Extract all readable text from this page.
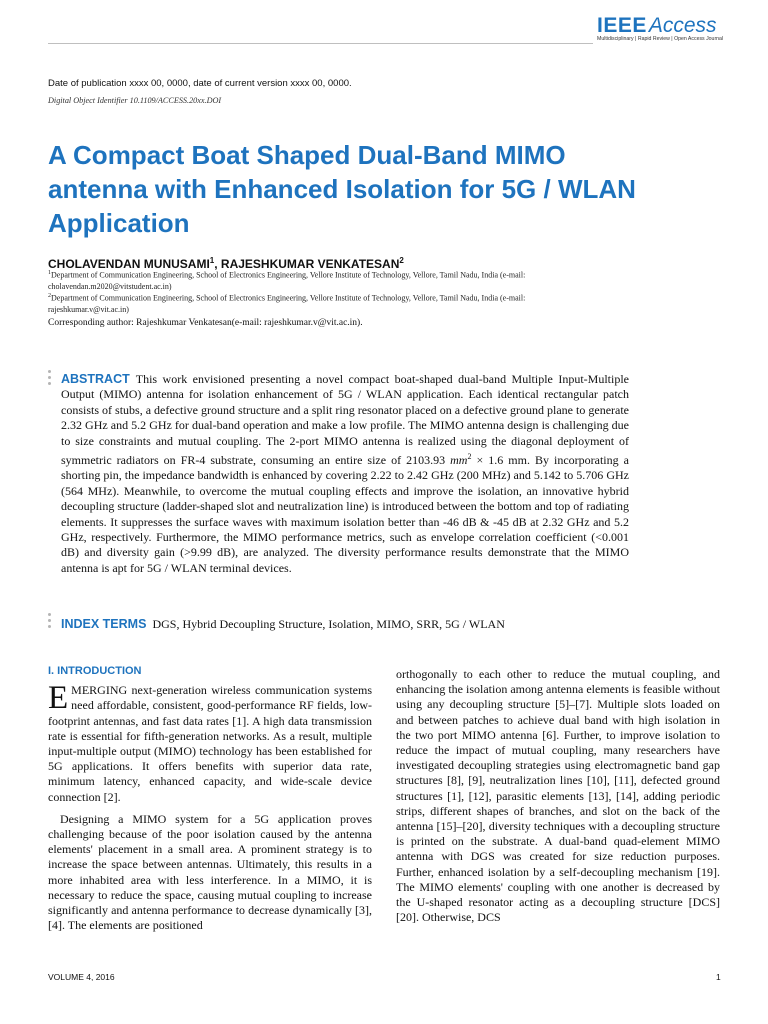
IEEEAccess
Multidisciplinary | Rapid Review | Open Access Journal
Date of publication xxxx 00, 0000, date of current version xxxx 00, 0000.
Digital Object Identifier 10.1109/ACCESS.20xx.DOI
A Compact Boat Shaped Dual-Band MIMO antenna with Enhanced Isolation for 5G / WLAN Application
CHOLAVENDAN MUNUSAMI$^1$, RAJESHKUMAR VENKATESAN$^2$
$^1$Department of Communication Engineering, School of Electronics Engineering, Vellore Institute of Technology, Vellore, Tamil Nadu, India (e-mail: cholavendan.m2020@vitstudent.ac.in)
$^2$Department of Communication Engineering, School of Electronics Engineering, Vellore Institute of Technology, Vellore, Tamil Nadu, India (e-mail: rajeshkumar.v@vit.ac.in)
Corresponding author: Rajeshkumar Venkatesan(e-mail: rajeshkumar.v@vit.ac.in).
ABSTRACT This work envisioned presenting a novel compact boat-shaped dual-band Multiple Input-Multiple Output (MIMO) antenna for isolation enhancement of 5G / WLAN application. Each identical rectangular patch consists of stubs, a defective ground structure and a split ring resonator placed on a defective ground plane to generate 2.32 GHz and 5.2 GHz for dual-band operation and make a low profile. The MIMO antenna design is challenging due to size constraints and mutual coupling. The 2-port MIMO antenna is realized using the diagonal deployment of symmetric radiators on FR-4 substrate, consuming an entire size of 2103.93 $mm^2 \times 1.6$ mm. By incorporating a shorting pin, the impedance bandwidth is enhanced by covering 2.22 to 2.42 GHz (200 MHz) and 5.142 to 5.706 GHz (564 MHz). Meanwhile, to overcome the mutual coupling effects and improve the isolation, an innovative hybrid decoupling structure (ladder-shaped slot and neutralization line) is introduced between the bottom and top of radiating elements. It suppresses the surface waves with maximum isolation better than -46 dB & -45 dB at 2.32 GHz and 5.2 GHz, respectively. Furthermore, the MIMO performance metrics, such as envelope correlation coefficient (<0.001 dB) and diversity gain (>9.99 dB), are analyzed. The diversity performance results demonstrate that the MIMO antenna is apt for 5G / WLAN terminal devices.
INDEX TERMS DGS, Hybrid Decoupling Structure, Isolation, MIMO, SRR, 5G / WLAN
I. INTRODUCTION

EMERGING next-generation wireless communication systems need affordable, consistent, good-performance RF fields, low-footprint antennas, and fast data rates [1]. A high data transmission rate is essential for fifth-generation networks. As a result, multiple input-multiple output (MIMO) technology has been established for 5G applications. It offers benefits with superior data rate, minimum latency, enhanced capacity, and wide-scale device connection [2].

Designing a MIMO system for a 5G application proves challenging because of the poor isolation caused by the antenna elements' placement in a small area. A prominent strategy is to increase the space between antennas. Ultimately, this results in a more inhabited area with less interference. In a MIMO, it is necessary to reduce the space, causing mutual coupling to increase significantly and antenna performance to decrease dynamically [3], [4]. The elements are positioned

orthogonally to each other to reduce the mutual coupling, and enhancing the isolation among antenna elements is feasible without using any decoupling structure [5]–[7]. Multiple slots loaded on and between patches to achieve dual band with high isolation in the two port MIMO antenna [6]. Further, to improve isolation to reduce the impact of mutual coupling, many researchers have investigated decoupling strategies using electromagnetic band gap structures [8], [9], neutralization lines [10], [11], defected ground structures [1], [12], parasitic elements [13], [14], adding periodic strips, different shapes of branches, and slot on the back of the antenna [15]–[20], diversity techniques with a decoupling structure is printed on the substrate. A dual-band quad-element MIMO antenna with DGS was created for size reduction purposes. Further, enhanced isolation by a self-decoupling mechanism [19]. The MIMO elements' coupling with one another is decreased by the U-shaped resonator acting as a decoupling structure [DCS] [20]. Otherwise, DCS

VOLUME 4, 2016	1
